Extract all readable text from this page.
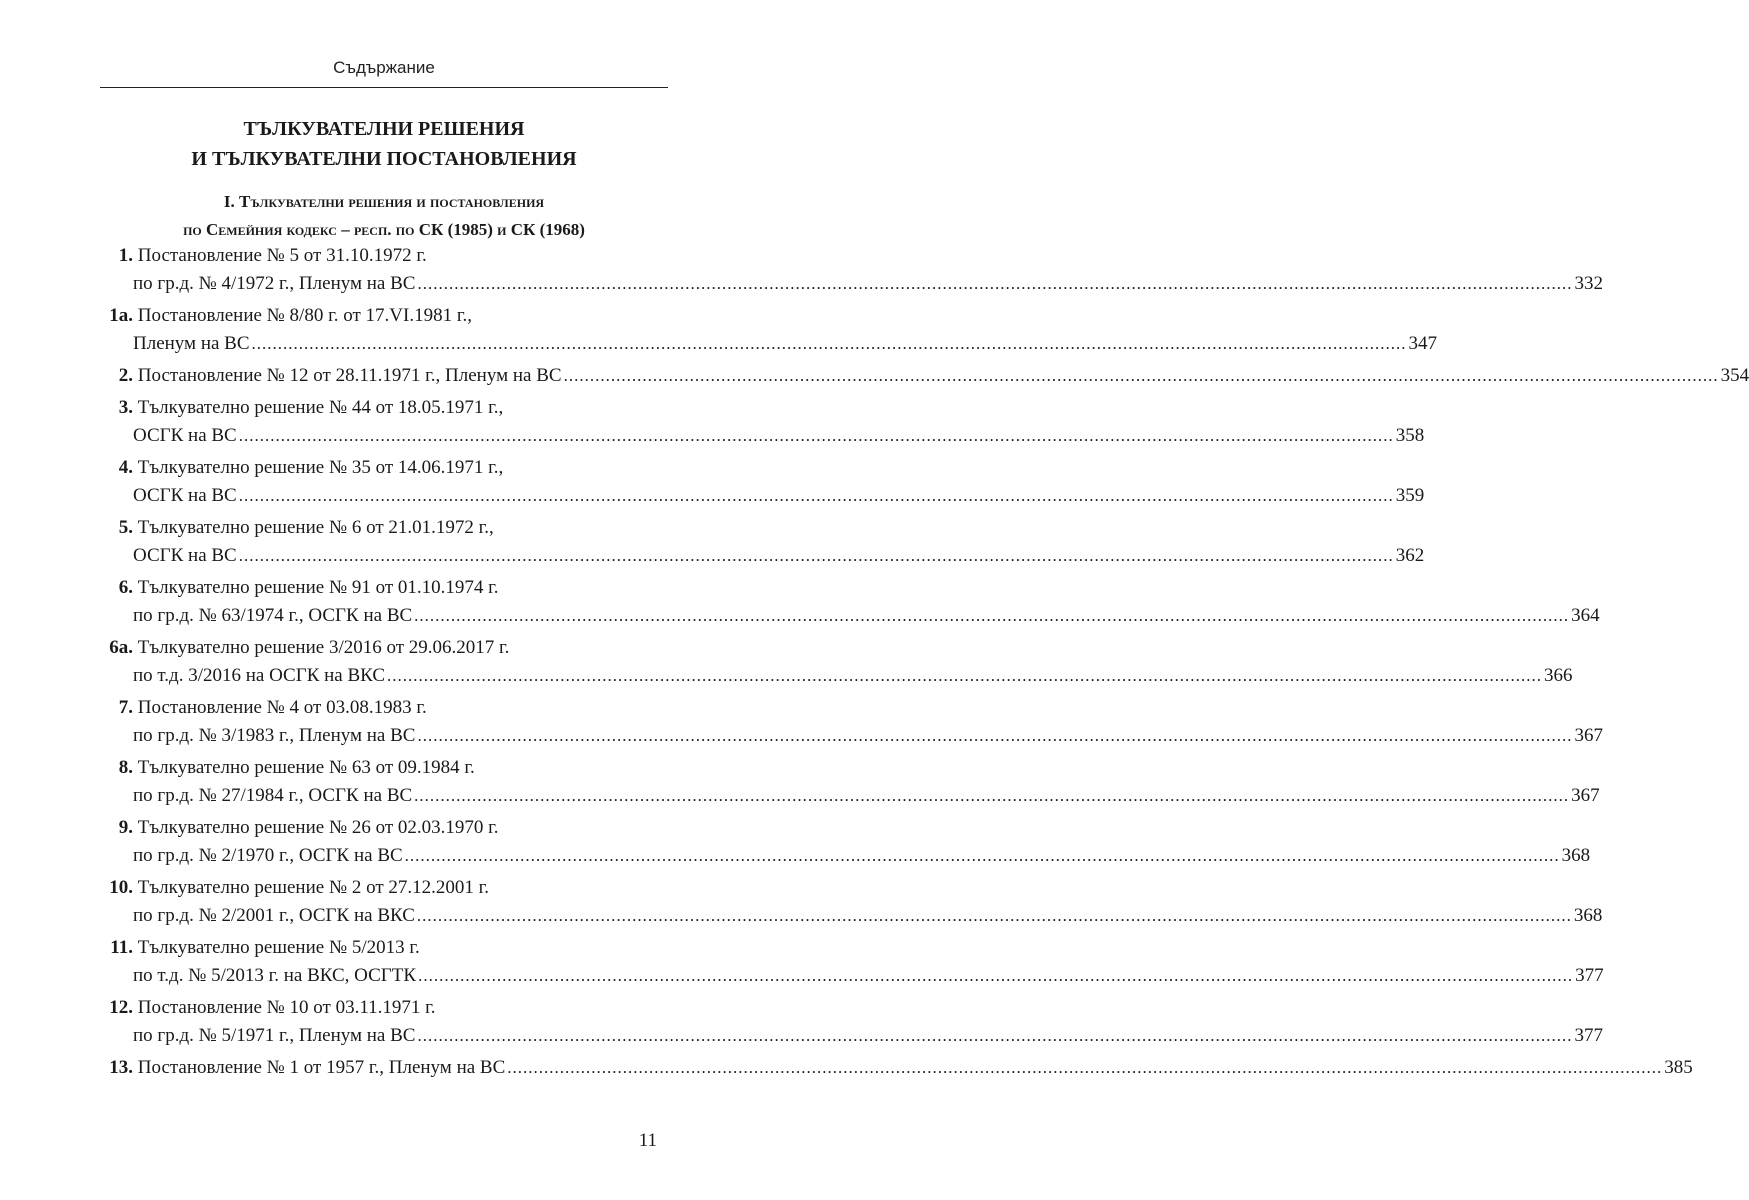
Съдържание
ТЪЛКУВАТЕЛНИ РЕШЕНИЯ
И ТЪЛКУВАТЕЛНИ ПОСТАНОВЛЕНИЯ
I. Тълкувателни решения и постановления
по Семейния кодекс – респ. по СК (1985) и СК (1968)
1.
Постановление № 5 от 31.10.1972 г.
по гр.д. № 4/1972 г., Пленум на ВС ............................................................................................................................................................................................................................ 332
1а.
Постановление № 8/80 г. от 17.VI.1981 г.,
Пленум на ВС ............................................................................................................................................................................................................................ 347
2.
Постановление № 12 от 28.11.1971 г., Пленум на ВС ............................................................................................................................................................................................................................ 354
3.
Тълкувателно решение № 44 от 18.05.1971 г.,
ОСГК на ВС ............................................................................................................................................................................................................................ 358
4.
Тълкувателно решение № 35 от 14.06.1971 г.,
ОСГК на ВС ............................................................................................................................................................................................................................ 359
5.
Тълкувателно решение № 6 от 21.01.1972 г.,
ОСГК на ВС ............................................................................................................................................................................................................................ 362
6.
Тълкувателно решение № 91 от 01.10.1974 г.
по гр.д. № 63/1974 г., ОСГК на ВС ............................................................................................................................................................................................................................ 364
6а.
Тълкувателно решение 3/2016 от 29.06.2017 г.
по т.д. 3/2016 на ОСГК на ВКС ............................................................................................................................................................................................................................ 366
7.
Постановление № 4 от 03.08.1983 г.
по гр.д. № 3/1983 г., Пленум на ВС ............................................................................................................................................................................................................................ 367
8.
Тълкувателно решение № 63 от 09.1984 г.
по гр.д. № 27/1984 г., ОСГК на ВС ............................................................................................................................................................................................................................ 367
9.
Тълкувателно решение № 26 от 02.03.1970 г.
по гр.д. № 2/1970 г., ОСГК на ВС ............................................................................................................................................................................................................................ 368
10.
Тълкувателно решение № 2 от 27.12.2001 г.
по гр.д. № 2/2001 г., ОСГК на ВКС ............................................................................................................................................................................................................................ 368
11.
Тълкувателно решение № 5/2013 г.
по т.д. № 5/2013 г. на ВКС, ОСГТК ............................................................................................................................................................................................................................ 377
12.
Постановление № 10 от 03.11.1971 г.
по гр.д. № 5/1971 г., Пленум на ВС ............................................................................................................................................................................................................................ 377
13.
Постановление № 1 от 1957 г., Пленум на ВС ............................................................................................................................................................................................................................ 385
11
